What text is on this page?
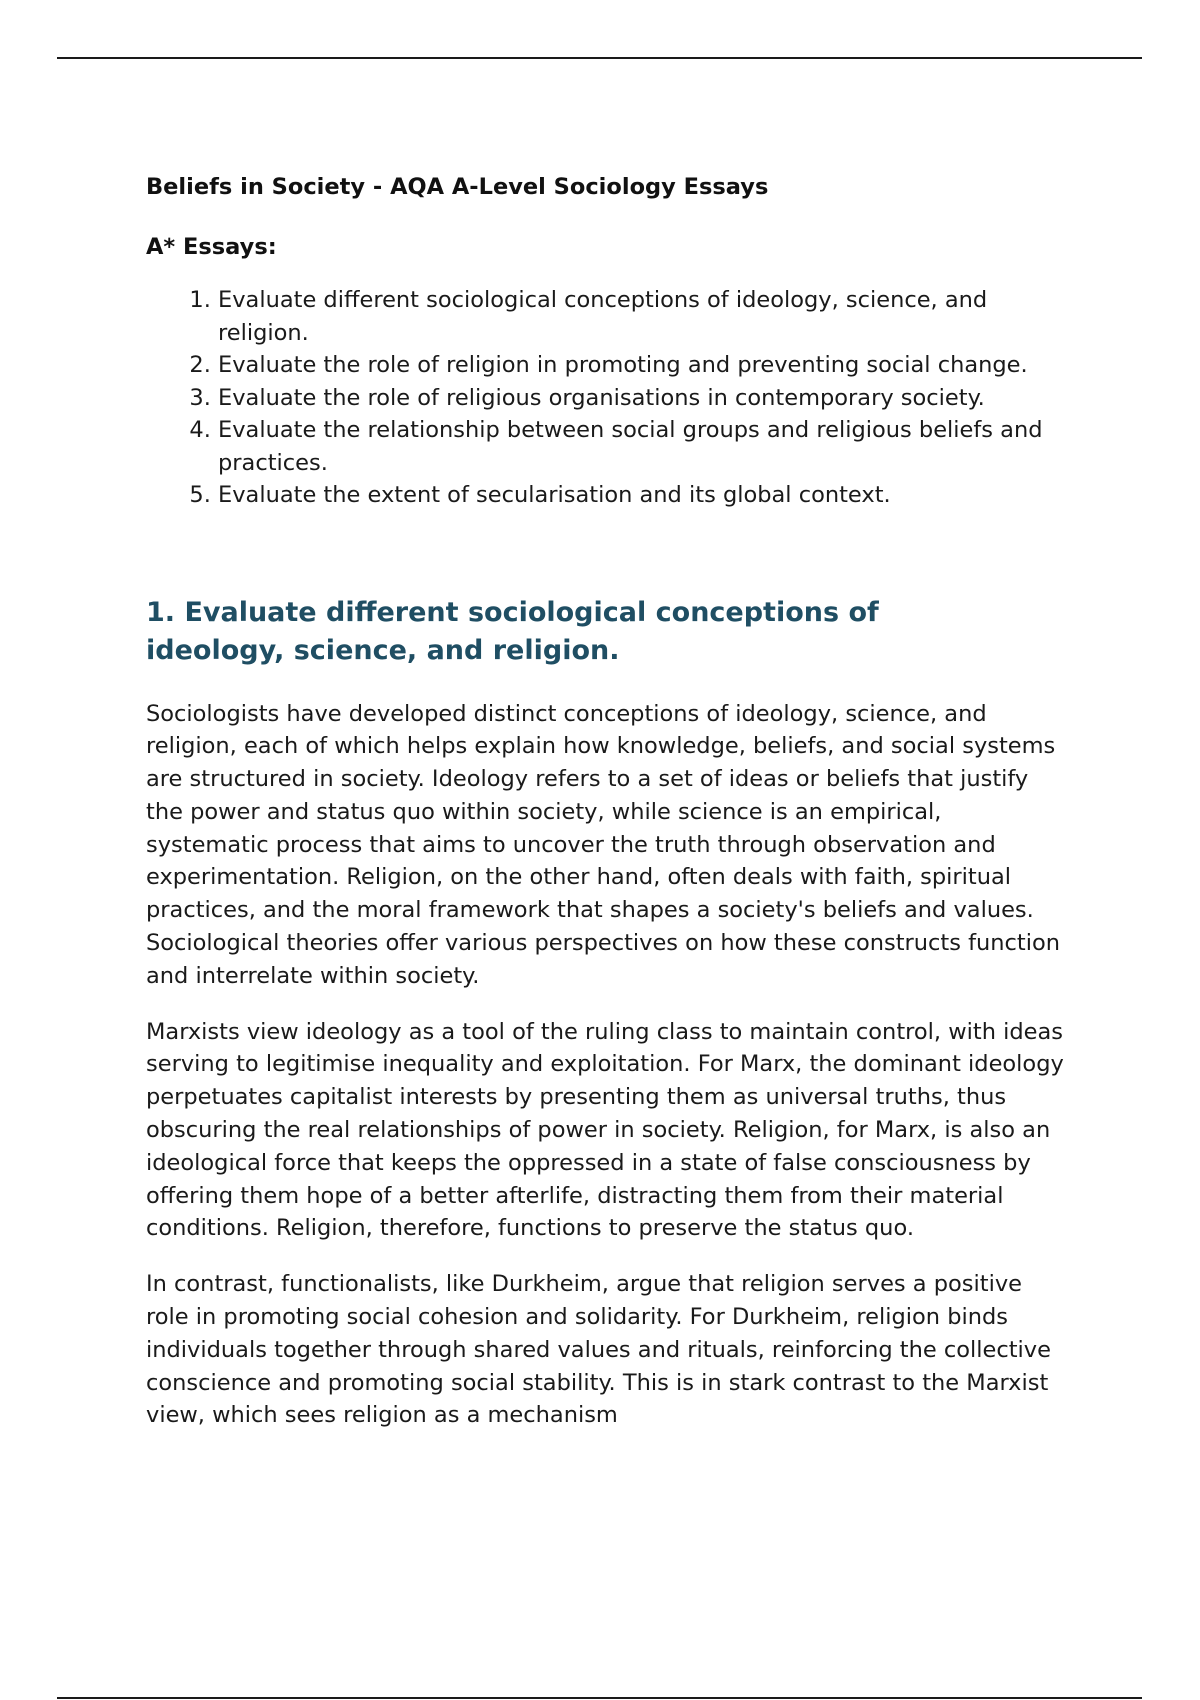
Beliefs in Society - AQA A-Level Sociology Essays
A* Essays:
1. Evaluate different sociological conceptions of ideology, science, and religion.
2. Evaluate the role of religion in promoting and preventing social change.
3. Evaluate the role of religious organisations in contemporary society.
4. Evaluate the relationship between social groups and religious beliefs and practices.
5. Evaluate the extent of secularisation and its global context.
1. Evaluate different sociological conceptions of ideology, science, and religion.

Sociologists have developed distinct conceptions of ideology, science, and religion, each of which helps explain how knowledge, beliefs, and social systems are structured in society. Ideology refers to a set of ideas or beliefs that justify the power and status quo within society, while science is an empirical, systematic process that aims to uncover the truth through observation and experimentation. Religion, on the other hand, often deals with faith, spiritual practices, and the moral framework that shapes a society's beliefs and values. Sociological theories offer various perspectives on how these constructs function and interrelate within society.

Marxists view ideology as a tool of the ruling class to maintain control, with ideas serving to legitimise inequality and exploitation. For Marx, the dominant ideology perpetuates capitalist interests by presenting them as universal truths, thus obscuring the real relationships of power in society. Religion, for Marx, is also an ideological force that keeps the oppressed in a state of false consciousness by offering them hope of a better afterlife, distracting them from their material conditions. Religion, therefore, functions to preserve the status quo.

In contrast, functionalists, like Durkheim, argue that religion serves a positive role in promoting social cohesion and solidarity. For Durkheim, religion binds individuals together through shared values and rituals, reinforcing the collective conscience and promoting social stability. This is in stark contrast to the Marxist view, which sees religion as a mechanism
